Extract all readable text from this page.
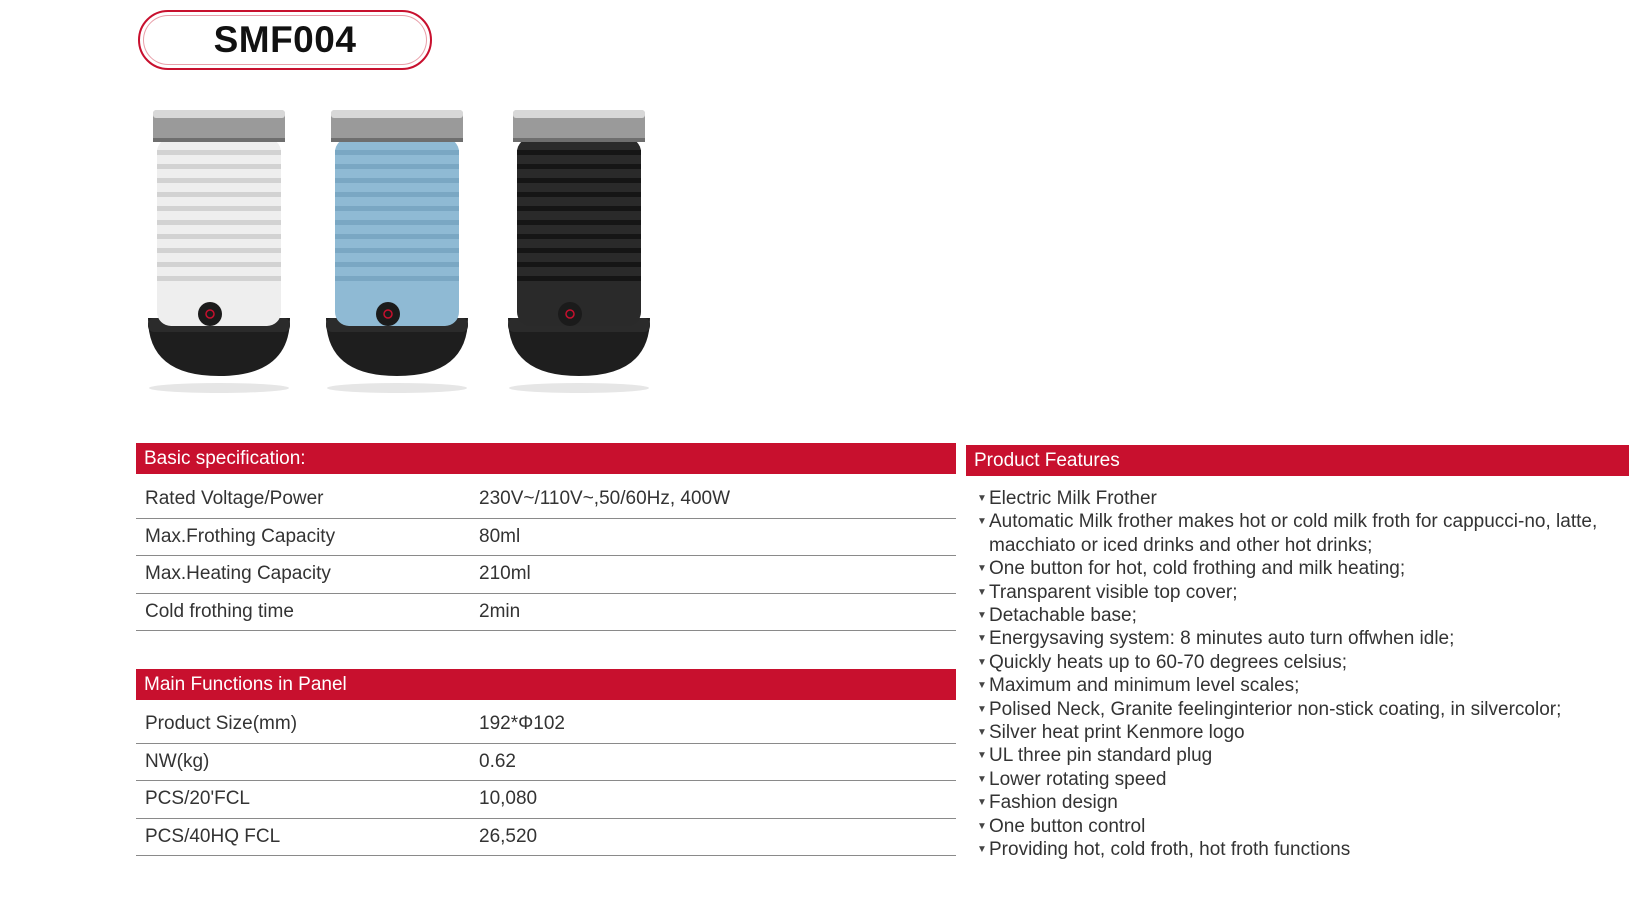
SMF004
Basic specification:
Rated Voltage/Power	230V~/110V~,50/60Hz, 400W
Max.Frothing Capacity	80ml
Max.Heating Capacity	210ml
Cold frothing time	2min
Main Functions in Panel
Product Size(mm)	192*Φ102
NW(kg)	0.62
PCS/20'FCL	10,080
PCS/40HQ FCL	26,520
Product Features
▼ Electric Milk Frother
▼ Automatic Milk frother makes hot or cold milk froth for cappucci-no, latte, macchiato or iced drinks and other hot drinks;
▼ One button for hot, cold frothing and milk heating;
▼ Transparent visible top cover;
▼ Detachable base;
▼ Energysaving system: 8 minutes auto turn offwhen idle;
▼ Quickly heats up to 60-70 degrees celsius;
▼ Maximum and minimum level scales;
▼ Polised Neck, Granite feelinginterior non-stick coating, in silvercolor;
▼ Silver heat print Kenmore logo
▼ UL three pin standard plug
▼ Lower rotating speed
▼ Fashion design
▼ One button control
▼ Providing hot, cold froth, hot froth functions
